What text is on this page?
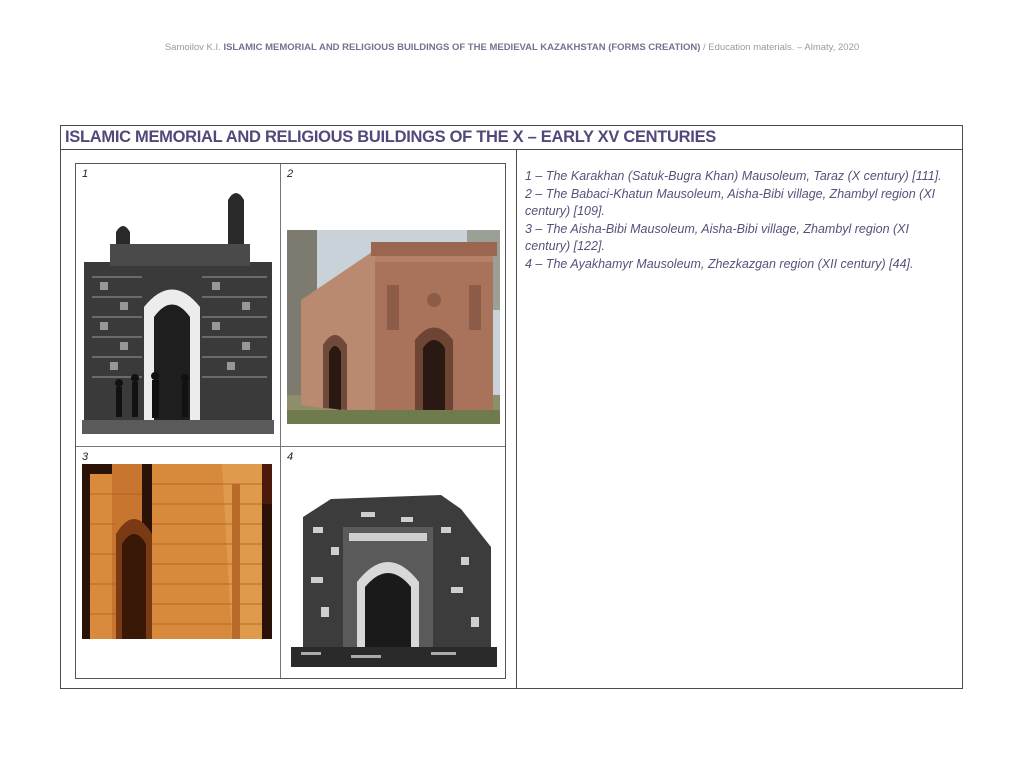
Samoilov K.I. ISLAMIC MEMORIAL AND RELIGIOUS BUILDINGS OF THE MEDIEVAL KAZAKHSTAN (FORMS CREATION) / Education materials. – Almaty, 2020
ISLAMIC MEMORIAL AND RELIGIOUS BUILDINGS OF THE X – EARLY XV CENTURIES
1	2
3	4

1 – The Karakhan (Satuk-Bugra Khan) Mausoleum, Taraz (X century) [111].

2 – The Babaci-Khatun Mausoleum, Aisha-Bibi village, Zhambyl region (XI century) [109].

3 – The Aisha-Bibi Mausoleum, Aisha-Bibi village, Zhambyl region (XI century) [122].

4 – The Ayakhamyr Mausoleum, Zhezkazgan region (XII century) [44].
